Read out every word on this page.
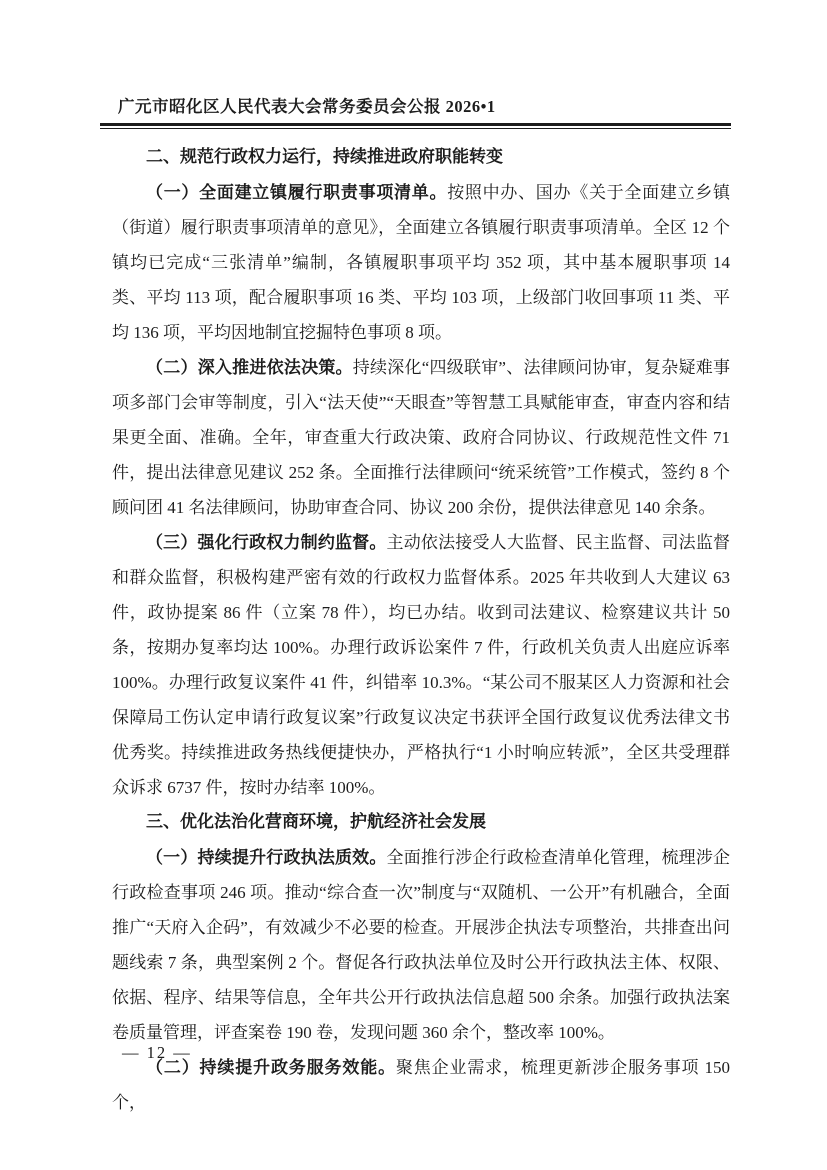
广元市昭化区人民代表大会常务委员会公报 2026•1
二、规范行政权力运行，持续推进政府职能转变

（一）全面建立镇履行职责事项清单。按照中办、国办《关于全面建立乡镇（街道）履行职责事项清单的意见》，全面建立各镇履行职责事项清单。全区 12 个镇均已完成“三张清单”编制，各镇履职事项平均 352 项，其中基本履职事项 14 类、平均 113 项，配合履职事项 16 类、平均 103 项，上级部门收回事项 11 类、平均 136 项，平均因地制宜挖掘特色事项 8 项。

（二）深入推进依法决策。持续深化“四级联审”、法律顾问协审，复杂疑难事项多部门会审等制度，引入“法天使”“天眼查”等智慧工具赋能审查，审查内容和结果更全面、准确。全年，审查重大行政决策、政府合同协议、行政规范性文件 71 件，提出法律意见建议 252 条。全面推行法律顾问“统采统管”工作模式，签约 8 个顾问团 41 名法律顾问，协助审查合同、协议 200 余份，提供法律意见 140 余条。

（三）强化行政权力制约监督。主动依法接受人大监督、民主监督、司法监督和群众监督，积极构建严密有效的行政权力监督体系。2025 年共收到人大建议 63 件，政协提案 86 件（立案 78 件），均已办结。收到司法建议、检察建议共计 50 条，按期办复率均达 100%。办理行政诉讼案件 7 件，行政机关负责人出庭应诉率 100%。办理行政复议案件 41 件，纠错率 10.3%。“某公司不服某区人力资源和社会保障局工伤认定申请行政复议案”行政复议决定书获评全国行政复议优秀法律文书优秀奖。持续推进政务热线便捷快办，严格执行“1 小时响应转派”，全区共受理群众诉求 6737 件，按时办结率 100%。

三、优化法治化营商环境，护航经济社会发展

（一）持续提升行政执法质效。全面推行涉企行政检查清单化管理，梳理涉企行政检查事项 246 项。推动“综合查一次”制度与“双随机、一公开”有机融合，全面推广“天府入企码”，有效减少不必要的检查。开展涉企执法专项整治，共排查出问题线索 7 条，典型案例 2 个。督促各行政执法单位及时公开行政执法主体、权限、依据、程序、结果等信息，全年共公开行政执法信息超 500 余条。加强行政执法案卷质量管理，评查案卷 190 卷，发现问题 360 余个，整改率 100%。

（二）持续提升政务服务效能。聚焦企业需求，梳理更新涉企服务事项 150 个，

— 12 —
